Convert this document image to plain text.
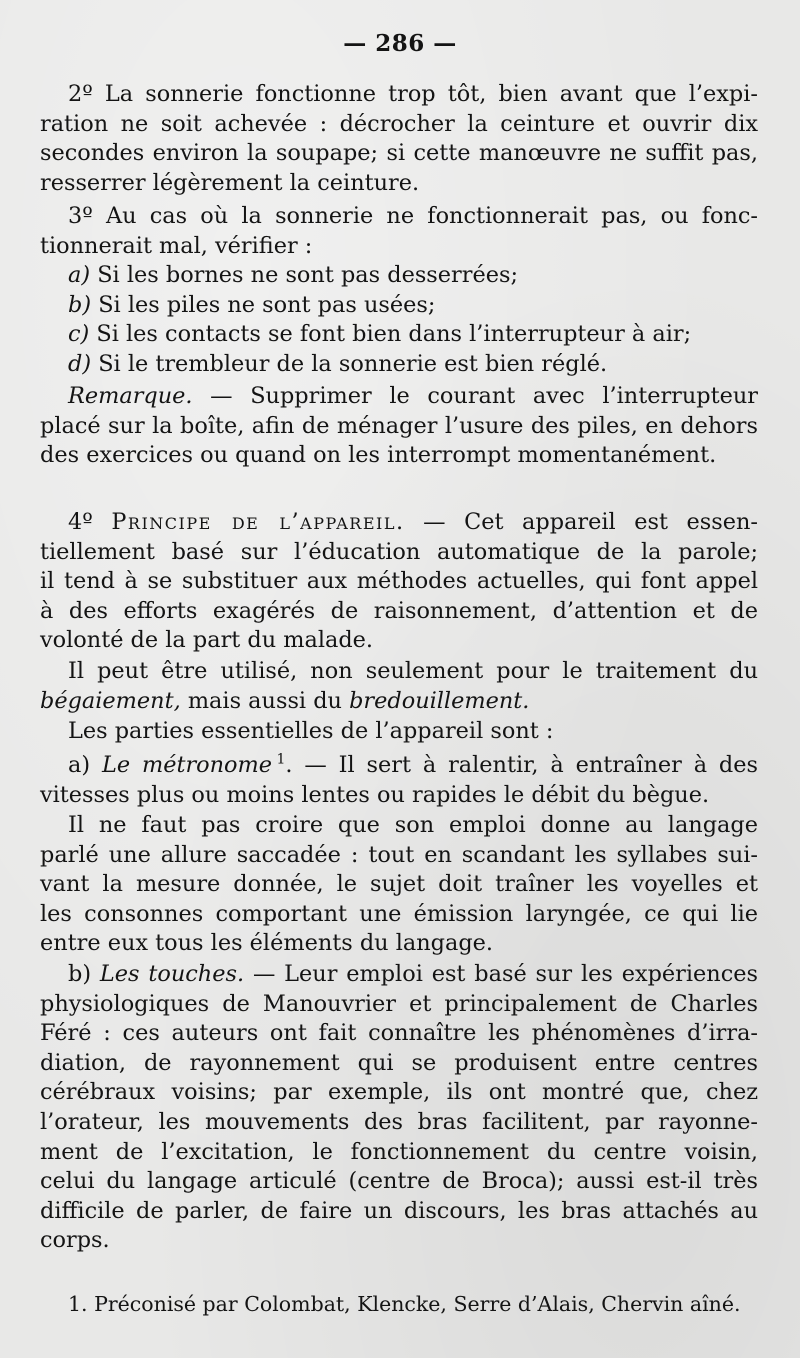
— 286 —
2º La sonnerie fonctionne trop tôt, bien avant que l’expi-
ration ne soit achevée : décrocher la ceinture et ouvrir dix
secondes environ la soupape; si cette manœuvre ne suffit pas,
resserrer légèrement la ceinture.
3º Au cas où la sonnerie ne fonctionnerait pas, ou fonc-
tionnerait mal, vérifier :
a) Si les bornes ne sont pas desserrées;
b) Si les piles ne sont pas usées;
c) Si les contacts se font bien dans l’interrupteur à air;
d) Si le trembleur de la sonnerie est bien réglé.
Remarque. — Supprimer le courant avec l’interrupteur
placé sur la boîte, afin de ménager l’usure des piles, en dehors
des exercices ou quand on les interrompt momentanément.
4º Principe de l’appareil. — Cet appareil est essen-
tiellement basé sur l’éducation automatique de la parole;
il tend à se substituer aux méthodes actuelles, qui font appel
à des efforts exagérés de raisonnement, d’attention et de
volonté de la part du malade.
Il peut être utilisé, non seulement pour le traitement du
bégaiement, mais aussi du bredouillement.
Les parties essentielles de l’appareil sont :
a) Le métronome  $^1$. — Il sert à ralentir, à entraîner à des
vitesses plus ou moins lentes ou rapides le débit du bègue.
Il ne faut pas croire que son emploi donne au langage
parlé une allure saccadée : tout en scandant les syllabes sui-
vant la mesure donnée, le sujet doit traîner les voyelles et
les consonnes comportant une émission laryngée, ce qui lie
entre eux tous les éléments du langage.
b) Les touches. — Leur emploi est basé sur les expériences
physiologiques de Manouvrier et principalement de Charles
Féré : ces auteurs ont fait connaître les phénomènes d’irra-
diation, de rayonnement qui se produisent entre centres
cérébraux voisins; par exemple, ils ont montré que, chez
l’orateur, les mouvements des bras facilitent, par rayonne-
ment de l’excitation, le fonctionnement du centre voisin,
celui du langage articulé (centre de Broca); aussi est-il très
difficile de parler, de faire un discours, les bras attachés au
corps.
1. Préconisé par Colombat, Klencke, Serre d’Alais, Chervin aîné.
